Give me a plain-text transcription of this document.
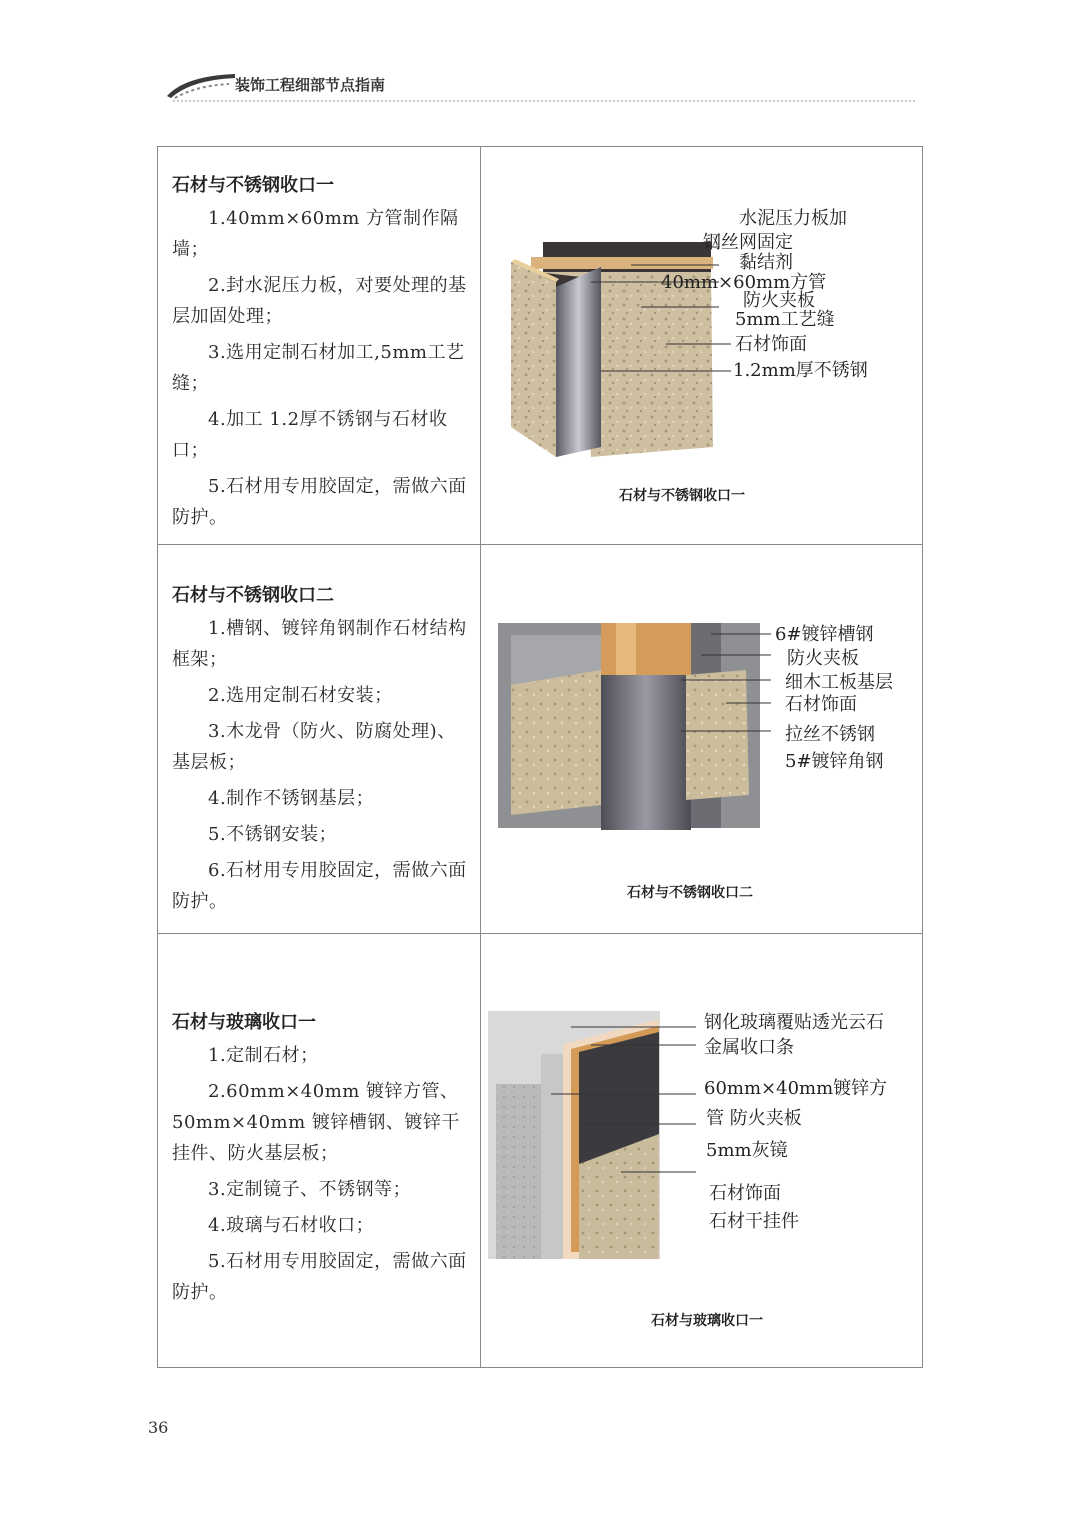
装饰工程细部节点指南
石材与不锈钢收口一

1.40mm×60mm 方管制作隔墙；

2.封水泥压力板，对要处理的基层加固处理；

3.选用定制石材加工,5mm工艺缝；

4.加工 1.2厚不锈钢与石材收口；

5.石材用专用胶固定，需做六面防护。

水泥压力板加
钢丝网固定
黏结剂
40mm×60mm方管
防火夹板
5mm工艺缝
石材饰面
1.2mm厚不锈钢
石材与不锈钢收口一
石材与不锈钢收口二

1.槽钢、镀锌角钢制作石材结构框架；

2.选用定制石材安装；

3.木龙骨（防火、防腐处理)、基层板；

4.制作不锈钢基层；

5.不锈钢安装；

6.石材用专用胶固定，需做六面防护。

6#镀锌槽钢
防火夹板
细木工板基层
石材饰面
拉丝不锈钢
5#镀锌角钢
石材与不锈钢收口二
石材与玻璃收口一

1.定制石材；

2.60mm×40mm 镀锌方管、50mm×40mm 镀锌槽钢、镀锌干挂件、防火基层板；

3.定制镜子、不锈钢等；

4.玻璃与石材收口；

5.石材用专用胶固定，需做六面防护。

钢化玻璃覆贴透光云石
金属收口条
60mm×40mm镀锌方
管 防火夹板
5mm灰镜
石材饰面
石材干挂件
石材与玻璃收口一
36
